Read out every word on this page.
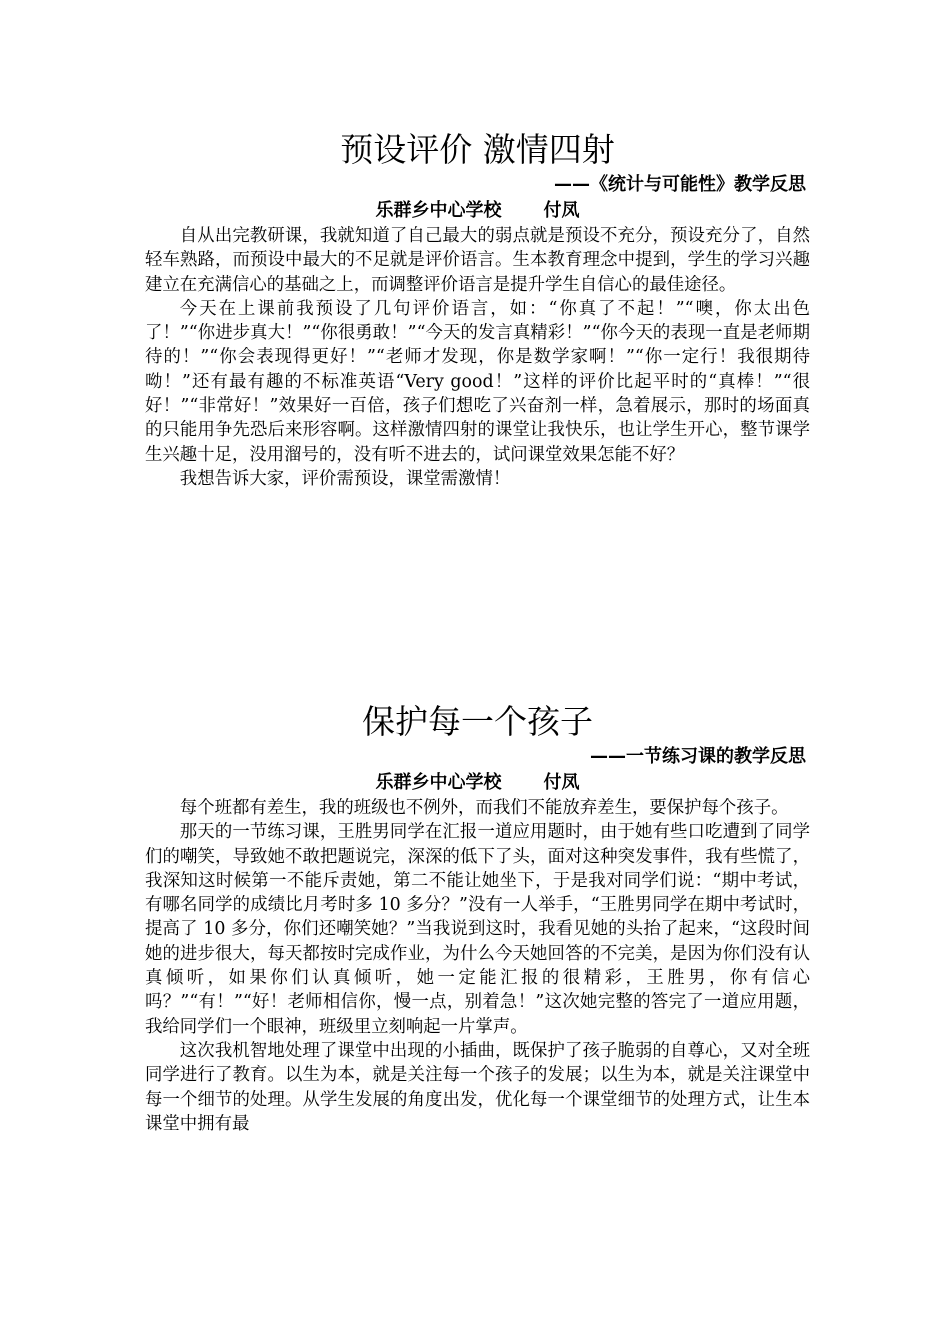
预设评价 激情四射

——《统计与可能性》教学反思

乐群乡中心学校 付凤

自从出完教研课，我就知道了自己最大的弱点就是预设不充分，预设充分了，自然轻车熟路，而预设中最大的不足就是评价语言。生本教育理念中提到，学生的学习兴趣建立在充满信心的基础之上，而调整评价语言是提升学生自信心的最佳途径。

今天在上课前我预设了几句评价语言，如：“你真了不起！”“噢，你太出色了！”“你进步真大！”“你很勇敢！”“今天的发言真精彩！”“你今天的表现一直是老师期待的！”“你会表现得更好！”“老师才发现，你是数学家啊！”“你一定行！我很期待呦！”还有最有趣的不标准英语“Very good！”这样的评价比起平时的“真棒！”“很好！”“非常好！”效果好一百倍，孩子们想吃了兴奋剂一样，急着展示，那时的场面真的只能用争先恐后来形容啊。这样激情四射的课堂让我快乐，也让学生开心，整节课学生兴趣十足，没用溜号的，没有听不进去的，试问课堂效果怎能不好？

我想告诉大家，评价需预设，课堂需激情！

保护每一个孩子

——一节练习课的教学反思

乐群乡中心学校 付凤

每个班都有差生，我的班级也不例外，而我们不能放弃差生，要保护每个孩子。

那天的一节练习课，王胜男同学在汇报一道应用题时，由于她有些口吃遭到了同学们的嘲笑，导致她不敢把题说完，深深的低下了头，面对这种突发事件，我有些慌了，我深知这时候第一不能斥责她，第二不能让她坐下，于是我对同学们说：“期中考试，有哪名同学的成绩比月考时多 10 多分？”没有一人举手，“王胜男同学在期中考试时，提高了 10 多分，你们还嘲笑她？”当我说到这时，我看见她的头抬了起来，“这段时间她的进步很大，每天都按时完成作业，为什么今天她回答的不完美，是因为你们没有认真倾听，如果你们认真倾听，她一定能汇报的很精彩，王胜男，你有信心吗？”“有！”“好！老师相信你，慢一点，别着急！”这次她完整的答完了一道应用题，我给同学们一个眼神，班级里立刻响起一片掌声。

这次我机智地处理了课堂中出现的小插曲，既保护了孩子脆弱的自尊心，又对全班同学进行了教育。以生为本，就是关注每一个孩子的发展；以生为本，就是关注课堂中每一个细节的处理。从学生发展的角度出发，优化每一个课堂细节的处理方式，让生本课堂中拥有最
